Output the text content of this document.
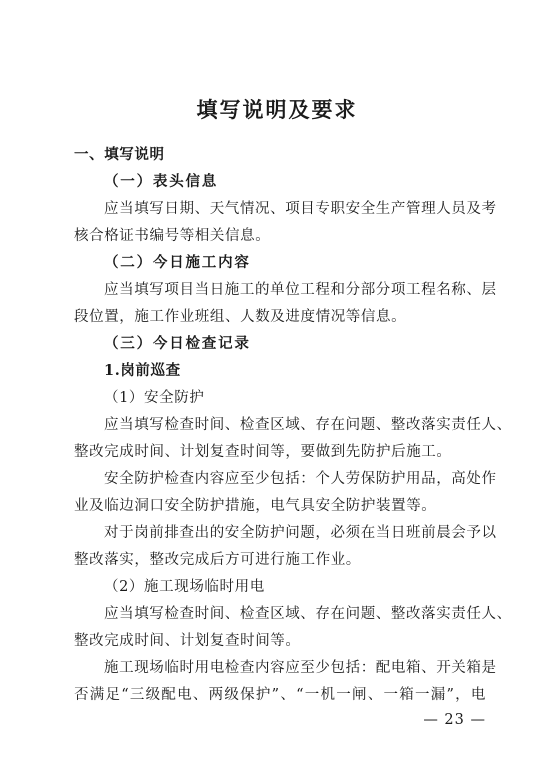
填写说明及要求
一、填写说明
（一）表头信息
应当填写日期、天气情况、项目专职安全生产管理人员及考
核合格证书编号等相关信息。
（二）今日施工内容
应当填写项目当日施工的单位工程和分部分项工程名称、层
段位置，施工作业班组、人数及进度情况等信息。
（三）今日检查记录
1.岗前巡查
（1）安全防护
应当填写检查时间、检查区域、存在问题、整改落实责任人、
整改完成时间、计划复查时间等，要做到先防护后施工。
安全防护检查内容应至少包括：个人劳保防护用品，高处作
业及临边洞口安全防护措施，电气具安全防护装置等。
对于岗前排查出的安全防护问题，必须在当日班前晨会予以
整改落实，整改完成后方可进行施工作业。
（2）施工现场临时用电
应当填写检查时间、检查区域、存在问题、整改落实责任人、
整改完成时间、计划复查时间等。
施工现场临时用电检查内容应至少包括：配电箱、开关箱是
否满足“三级配电、两级保护”、“一机一闸、一箱一漏”，电
— 23 —
